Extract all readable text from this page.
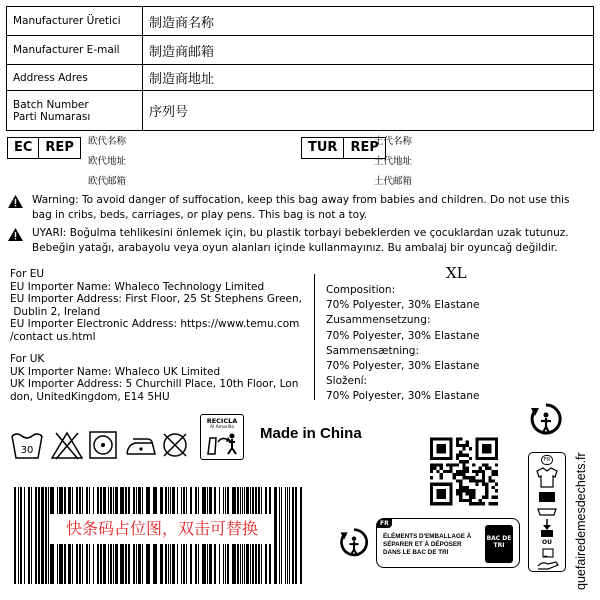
Manufacturer Üretici	制造商名称
Manufacturer E-mail	制造商邮箱
Address Adres	制造商地址

Batch Number
Parti Numarası	序列号
EC	REP	欧代名称
欧代地址
欧代邮箱
TUR	REP
土代名称
土代地址
土代邮箱
Warning: To avoid danger of suffocation, keep this bag away from babies and children. Do not use this bag in cribs, beds, carriages, or play pens. This bag is not a toy.
UYARI: Boğulma tehlikesini önlemek için, bu plastik torbayi bebeklerden ve çocuklardan uzak tutunuz.
Bebeğin yatağı, arabayolu veya oyun alanları içinde kullanmayınız. Bu ambalaj bir oyuncağ değildir.
For EU
EU Importer Name: Whaleco Technology Limited
EU Importer Address: First Floor, 25 St Stephens Green,
Dublin 2, Ireland
EU Importer Electronic Address: https://www.temu.com
/contact us.html
For UK
UK Importer Name: Whaleco UK Limited
UK Importer Address: 5 Churchill Place, 10th Floor, Lon
don, UnitedKingdom, E14 5HU
XL
Composition:
70% Polyester, 30% Elastane
Zusammensetzung:
70% Polyester, 30% Elastane
Sammensætning:
70% Polyester, 30% Elastane
Složení:
70% Polyester, 30% Elastane
30
RECICLA
Al Amarillo	Made in China
快条码占位图，双击可替换
FR
OU	quefairedemesdechets.fr
FR
ÉLÉMENTS D'EMBALLAGE À SÉPARER ET À DÉPOSER DANS LE BAC DE TRI
BAC DE TRI
